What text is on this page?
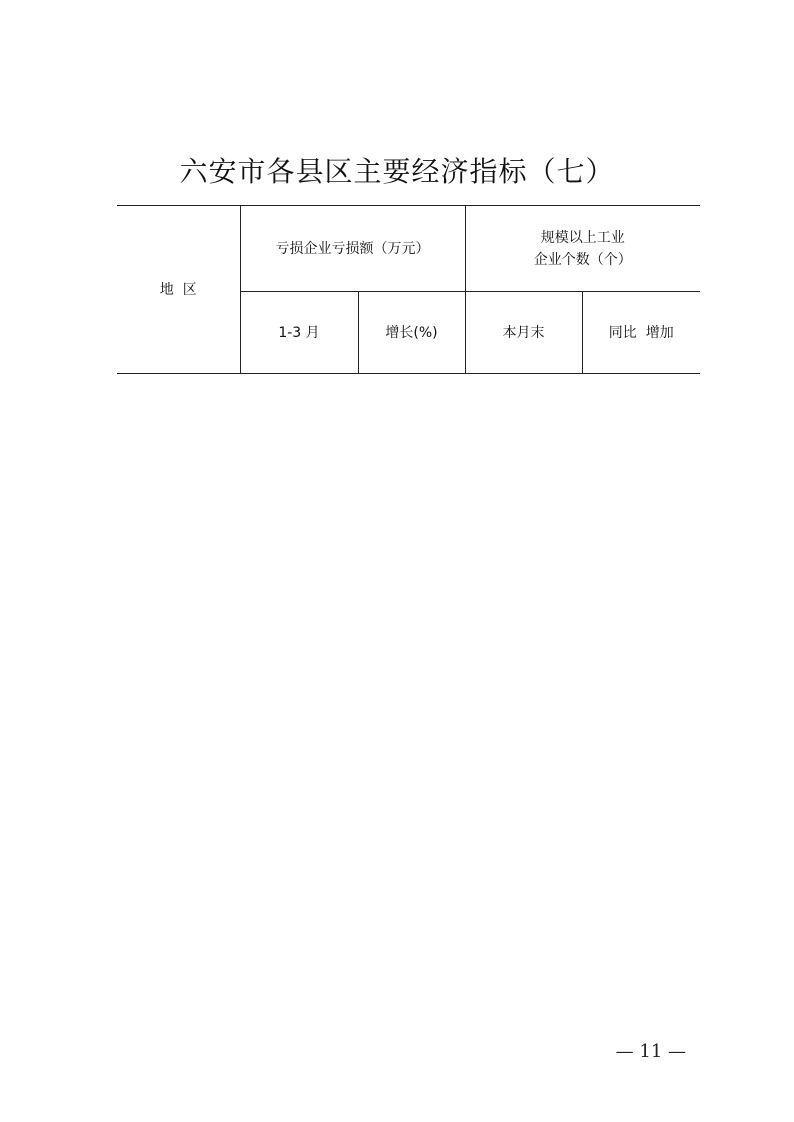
六安市各县区主要经济指标（七）
地  区	亏损企业亏损额（万元）		规模以上工业
企业个数（个）	

	1-3 月	增长(%)	本月末	同比  增加
— 11 —
